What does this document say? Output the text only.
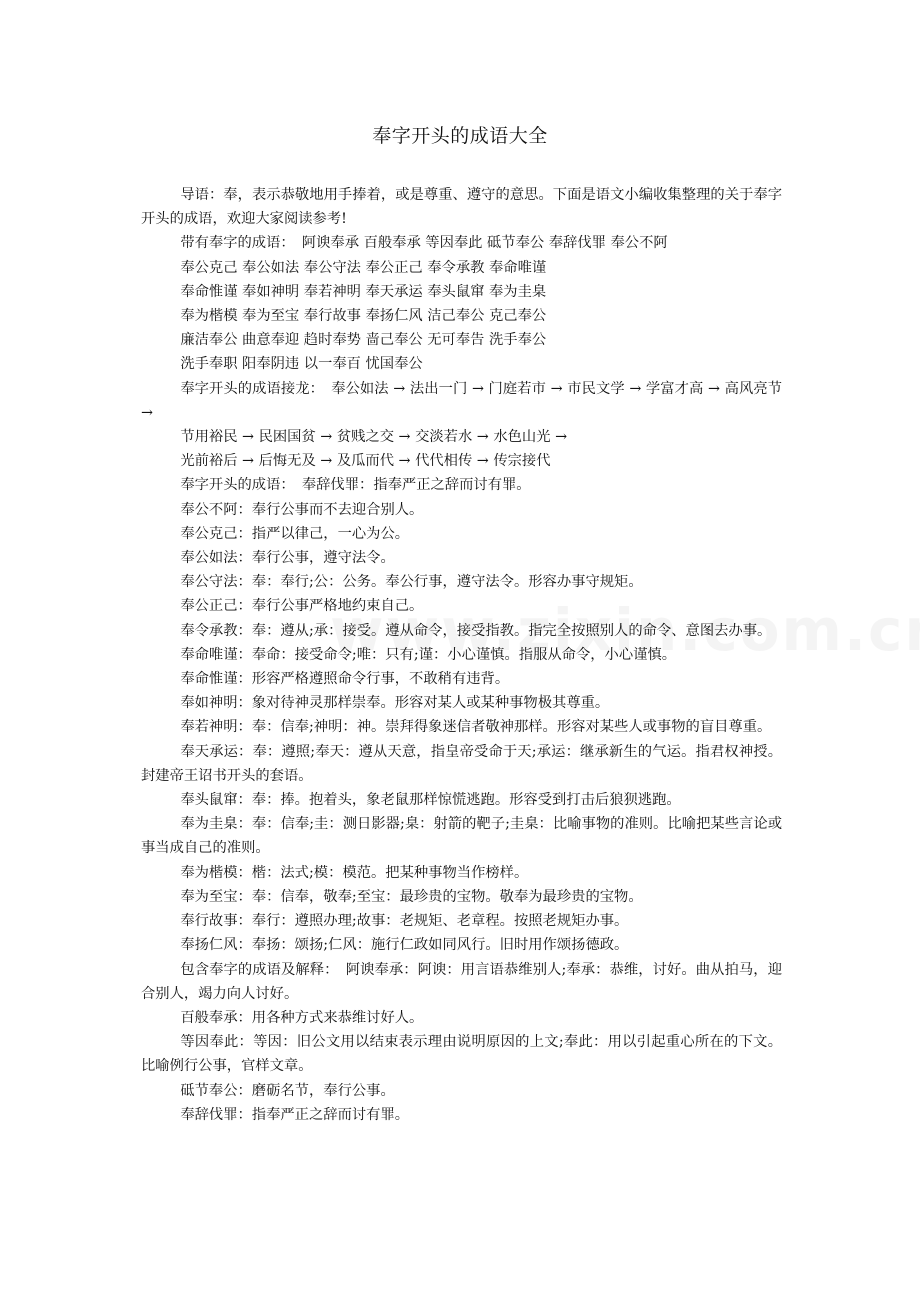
奉字开头的成语大全

导语：奉，表示恭敬地用手捧着，或是尊重、遵守的意思。下面是语文小编收集整理的关于奉字开头的成语，欢迎大家阅读参考!

带有奉字的成语：　阿谀奉承 百般奉承 等因奉此 砥节奉公 奉辞伐罪 奉公不阿

奉公克己 奉公如法 奉公守法 奉公正己 奉令承教 奉命唯谨

奉命惟谨 奉如神明 奉若神明 奉天承运 奉头鼠窜 奉为圭臬

奉为楷模 奉为至宝 奉行故事 奉扬仁风 洁己奉公 克己奉公

廉洁奉公 曲意奉迎 趋时奉势 啬己奉公 无可奉告 洗手奉公

洗手奉职 阳奉阴违 以一奉百 忧国奉公

奉字开头的成语接龙：　奉公如法 → 法出一门 → 门庭若市 → 市民文学 → 学富才高 → 高风亮节 →

节用裕民 → 民困国贫 → 贫贱之交 → 交淡若水 → 水色山光 →

光前裕后 → 后悔无及 → 及瓜而代 → 代代相传 → 传宗接代

奉字开头的成语：　奉辞伐罪：指奉严正之辞而讨有罪。

奉公不阿：奉行公事而不去迎合别人。

奉公克己：指严以律己，一心为公。

奉公如法：奉行公事，遵守法令。

奉公守法：奉：奉行;公：公务。奉公行事，遵守法令。形容办事守规矩。

奉公正己：奉行公事严格地约束自己。

奉令承教：奉：遵从;承：接受。遵从命令，接受指教。指完全按照别人的命令、意图去办事。

奉命唯谨：奉命：接受命令;唯：只有;谨：小心谨慎。指服从命令，小心谨慎。

奉命惟谨：形容严格遵照命令行事，不敢稍有违背。

奉如神明：象对待神灵那样崇奉。形容对某人或某种事物极其尊重。

奉若神明：奉：信奉;神明：神。崇拜得象迷信者敬神那样。形容对某些人或事物的盲目尊重。

奉天承运：奉：遵照;奉天：遵从天意，指皇帝受命于天;承运：继承新生的气运。指君权神授。封建帝王诏书开头的套语。

奉头鼠窜：奉：捧。抱着头，象老鼠那样惊慌逃跑。形容受到打击后狼狈逃跑。

奉为圭臬：奉：信奉;圭：测日影器;臬：射箭的靶子;圭臬：比喻事物的准则。比喻把某些言论或事当成自己的准则。

奉为楷模：楷：法式;模：模范。把某种事物当作榜样。

奉为至宝：奉：信奉，敬奉;至宝：最珍贵的宝物。敬奉为最珍贵的宝物。

奉行故事：奉行：遵照办理;故事：老规矩、老章程。按照老规矩办事。

奉扬仁风：奉扬：颂扬;仁风：施行仁政如同风行。旧时用作颂扬德政。

包含奉字的成语及解释：　阿谀奉承：阿谀：用言语恭维别人;奉承：恭维，讨好。曲从拍马，迎合别人，竭力向人讨好。

百般奉承：用各种方式来恭维讨好人。

等因奉此：等因：旧公文用以结束表示理由说明原因的上文;奉此：用以引起重心所在的下文。比喻例行公事，官样文章。

砥节奉公：磨砺名节，奉行公事。

奉辞伐罪：指奉严正之辞而讨有罪。
